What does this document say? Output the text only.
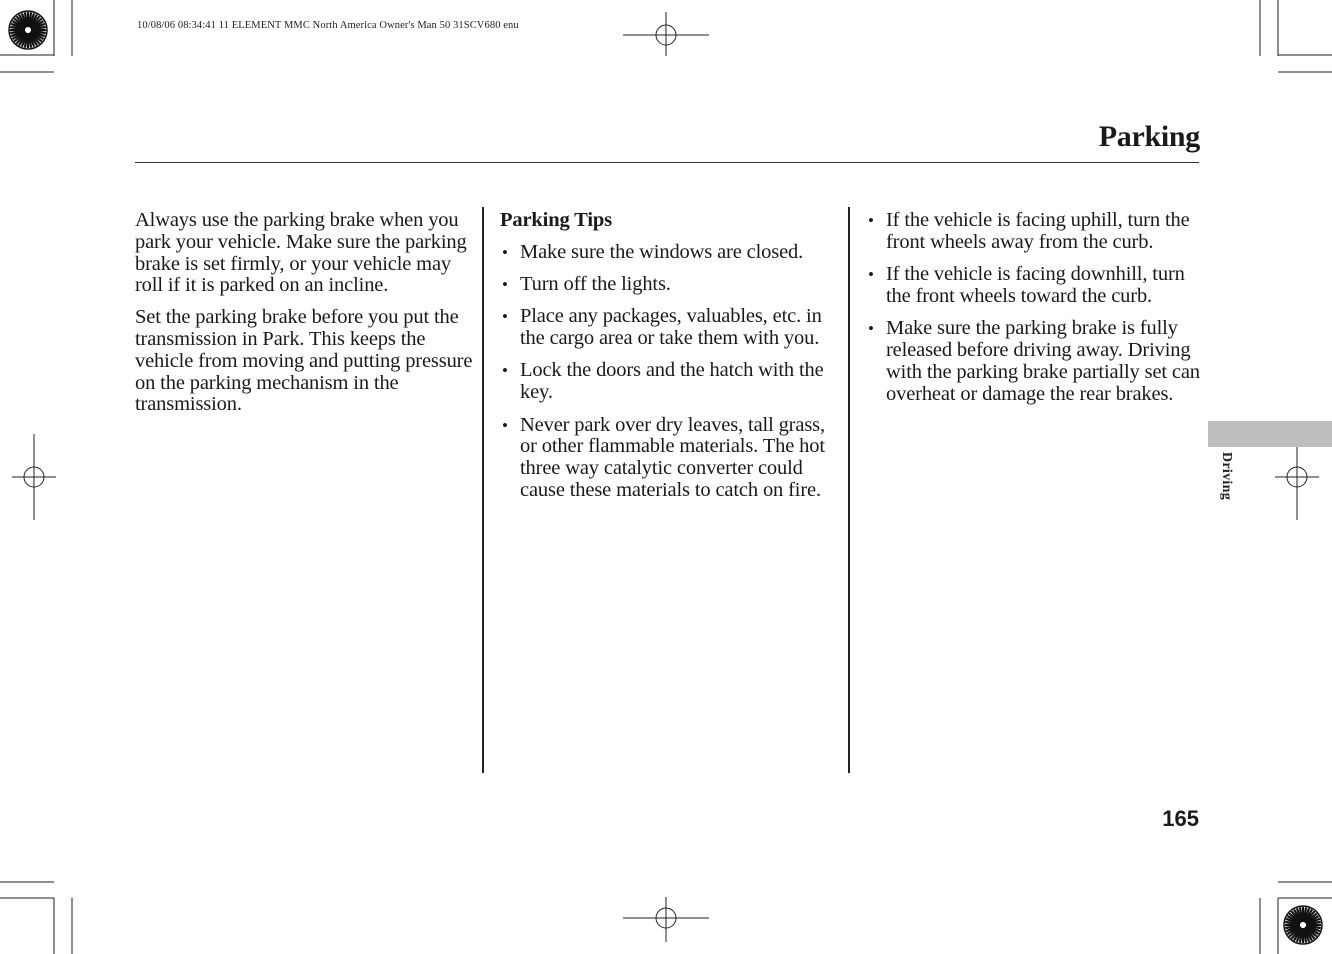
10/08/06 08:34:41 11 ELEMENT MMC North America Owner's Man 50 31SCV680 enu
Parking

Always use the parking brake when you park your vehicle. Make sure the parking brake is set firmly, or your vehicle may roll if it is parked on an incline.

Set the parking brake before you put the transmission in Park. This keeps the vehicle from moving and putting pressure on the parking mechanism in the transmission.

Parking Tips

• Make sure the windows are closed.
• Turn off the lights.
• Place any packages, valuables, etc. in the cargo area or take them with you.
• Lock the doors and the hatch with the key.
• Never park over dry leaves, tall grass, or other flammable materials. The hot three way catalytic converter could cause these materials to catch on fire.
• If the vehicle is facing uphill, turn the front wheels away from the curb.
• If the vehicle is facing downhill, turn the front wheels toward the curb.
• Make sure the parking brake is fully released before driving away. Driving with the parking brake partially set can overheat or damage the rear brakes.
Driving
165
